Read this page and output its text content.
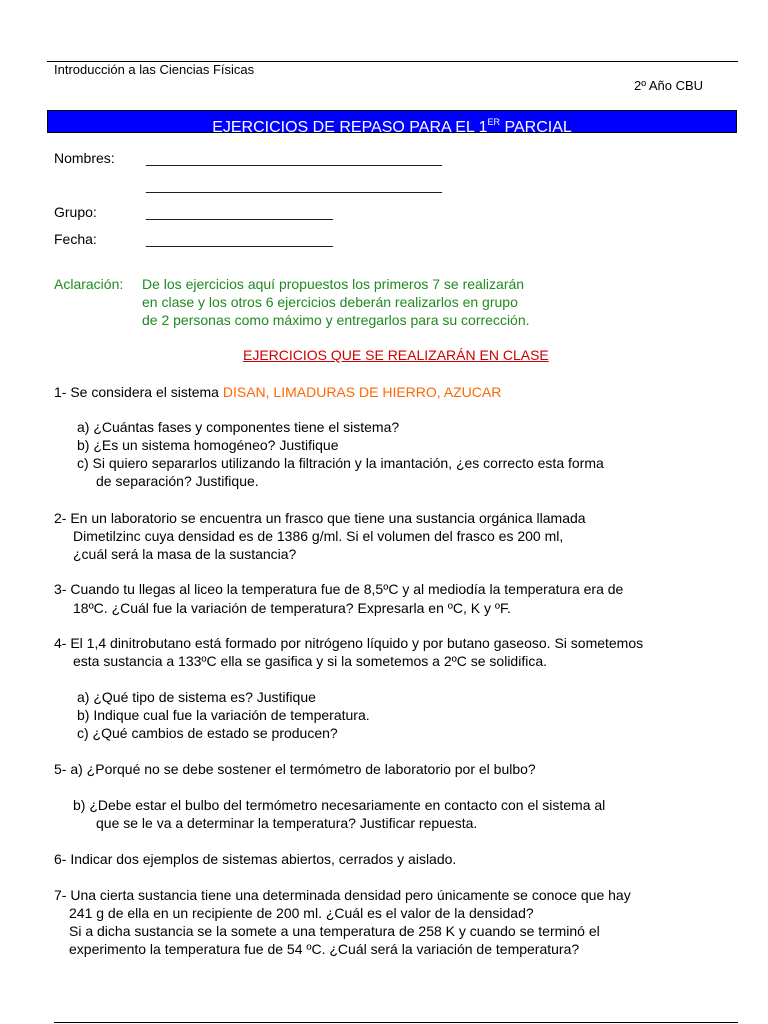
Introducción a las Ciencias Físicas
2º Año CBU
EJERCICIOS DE REPASO PARA EL 1ER PARCIAL
Nombres: ______________________________________
______________________________________
Grupo:	________________________
Fecha:	________________________
Aclaración: De los ejercicios aquí propuestos los primeros 7 se realizarán
en clase y los otros 6 ejercicios deberán realizarlos en grupo
de 2 personas como máximo y entregarlos para su corrección.
EJERCICIOS QUE SE REALIZARÁN EN CLASE
1- Se considera el sistema DISAN, LIMADURAS DE HIERRO, AZUCAR
a) ¿Cuántas fases y componentes tiene el sistema?
b) ¿Es un sistema homogéneo? Justifique
c) Si quiero separarlos utilizando la filtración y la imantación, ¿es correcto esta forma
de separación? Justifique.
2- En un laboratorio se encuentra un frasco que tiene una sustancia orgánica llamada
Dimetilzinc cuya densidad es de 1386 g/ml. Si el volumen del frasco es 200 ml,
¿cuál será la masa de la sustancia?
3- Cuando tu llegas al liceo la temperatura fue de 8,5ºC y al mediodía la temperatura era de
18ºC. ¿Cuál fue la variación de temperatura? Expresarla en ºC, K y ºF.
4- El 1,4 dinitrobutano está formado por nitrógeno líquido y por butano gaseoso. Si sometemos
esta sustancia a 133ºC ella se gasifica y si la sometemos a 2ºC se solidifica.
a) ¿Qué tipo de sistema es? Justifique
b) Indique cual fue la variación de temperatura.
c) ¿Qué cambios de estado se producen?
5- a) ¿Porqué no se debe sostener el termómetro de laboratorio por el bulbo?
b) ¿Debe estar el bulbo del termómetro necesariamente en contacto con el sistema al
que se le va a determinar la temperatura? Justificar repuesta.
6- Indicar dos ejemplos de sistemas abiertos, cerrados y aislado.
7- Una cierta sustancia tiene una determinada densidad pero únicamente se conoce que hay
241 g de ella en un recipiente de 200 ml. ¿Cuál es el valor de la densidad?
Si a dicha sustancia se la somete a una temperatura de 258 K y cuando se terminó el
experimento la temperatura fue de 54 ºC. ¿Cuál será la variación de temperatura?
